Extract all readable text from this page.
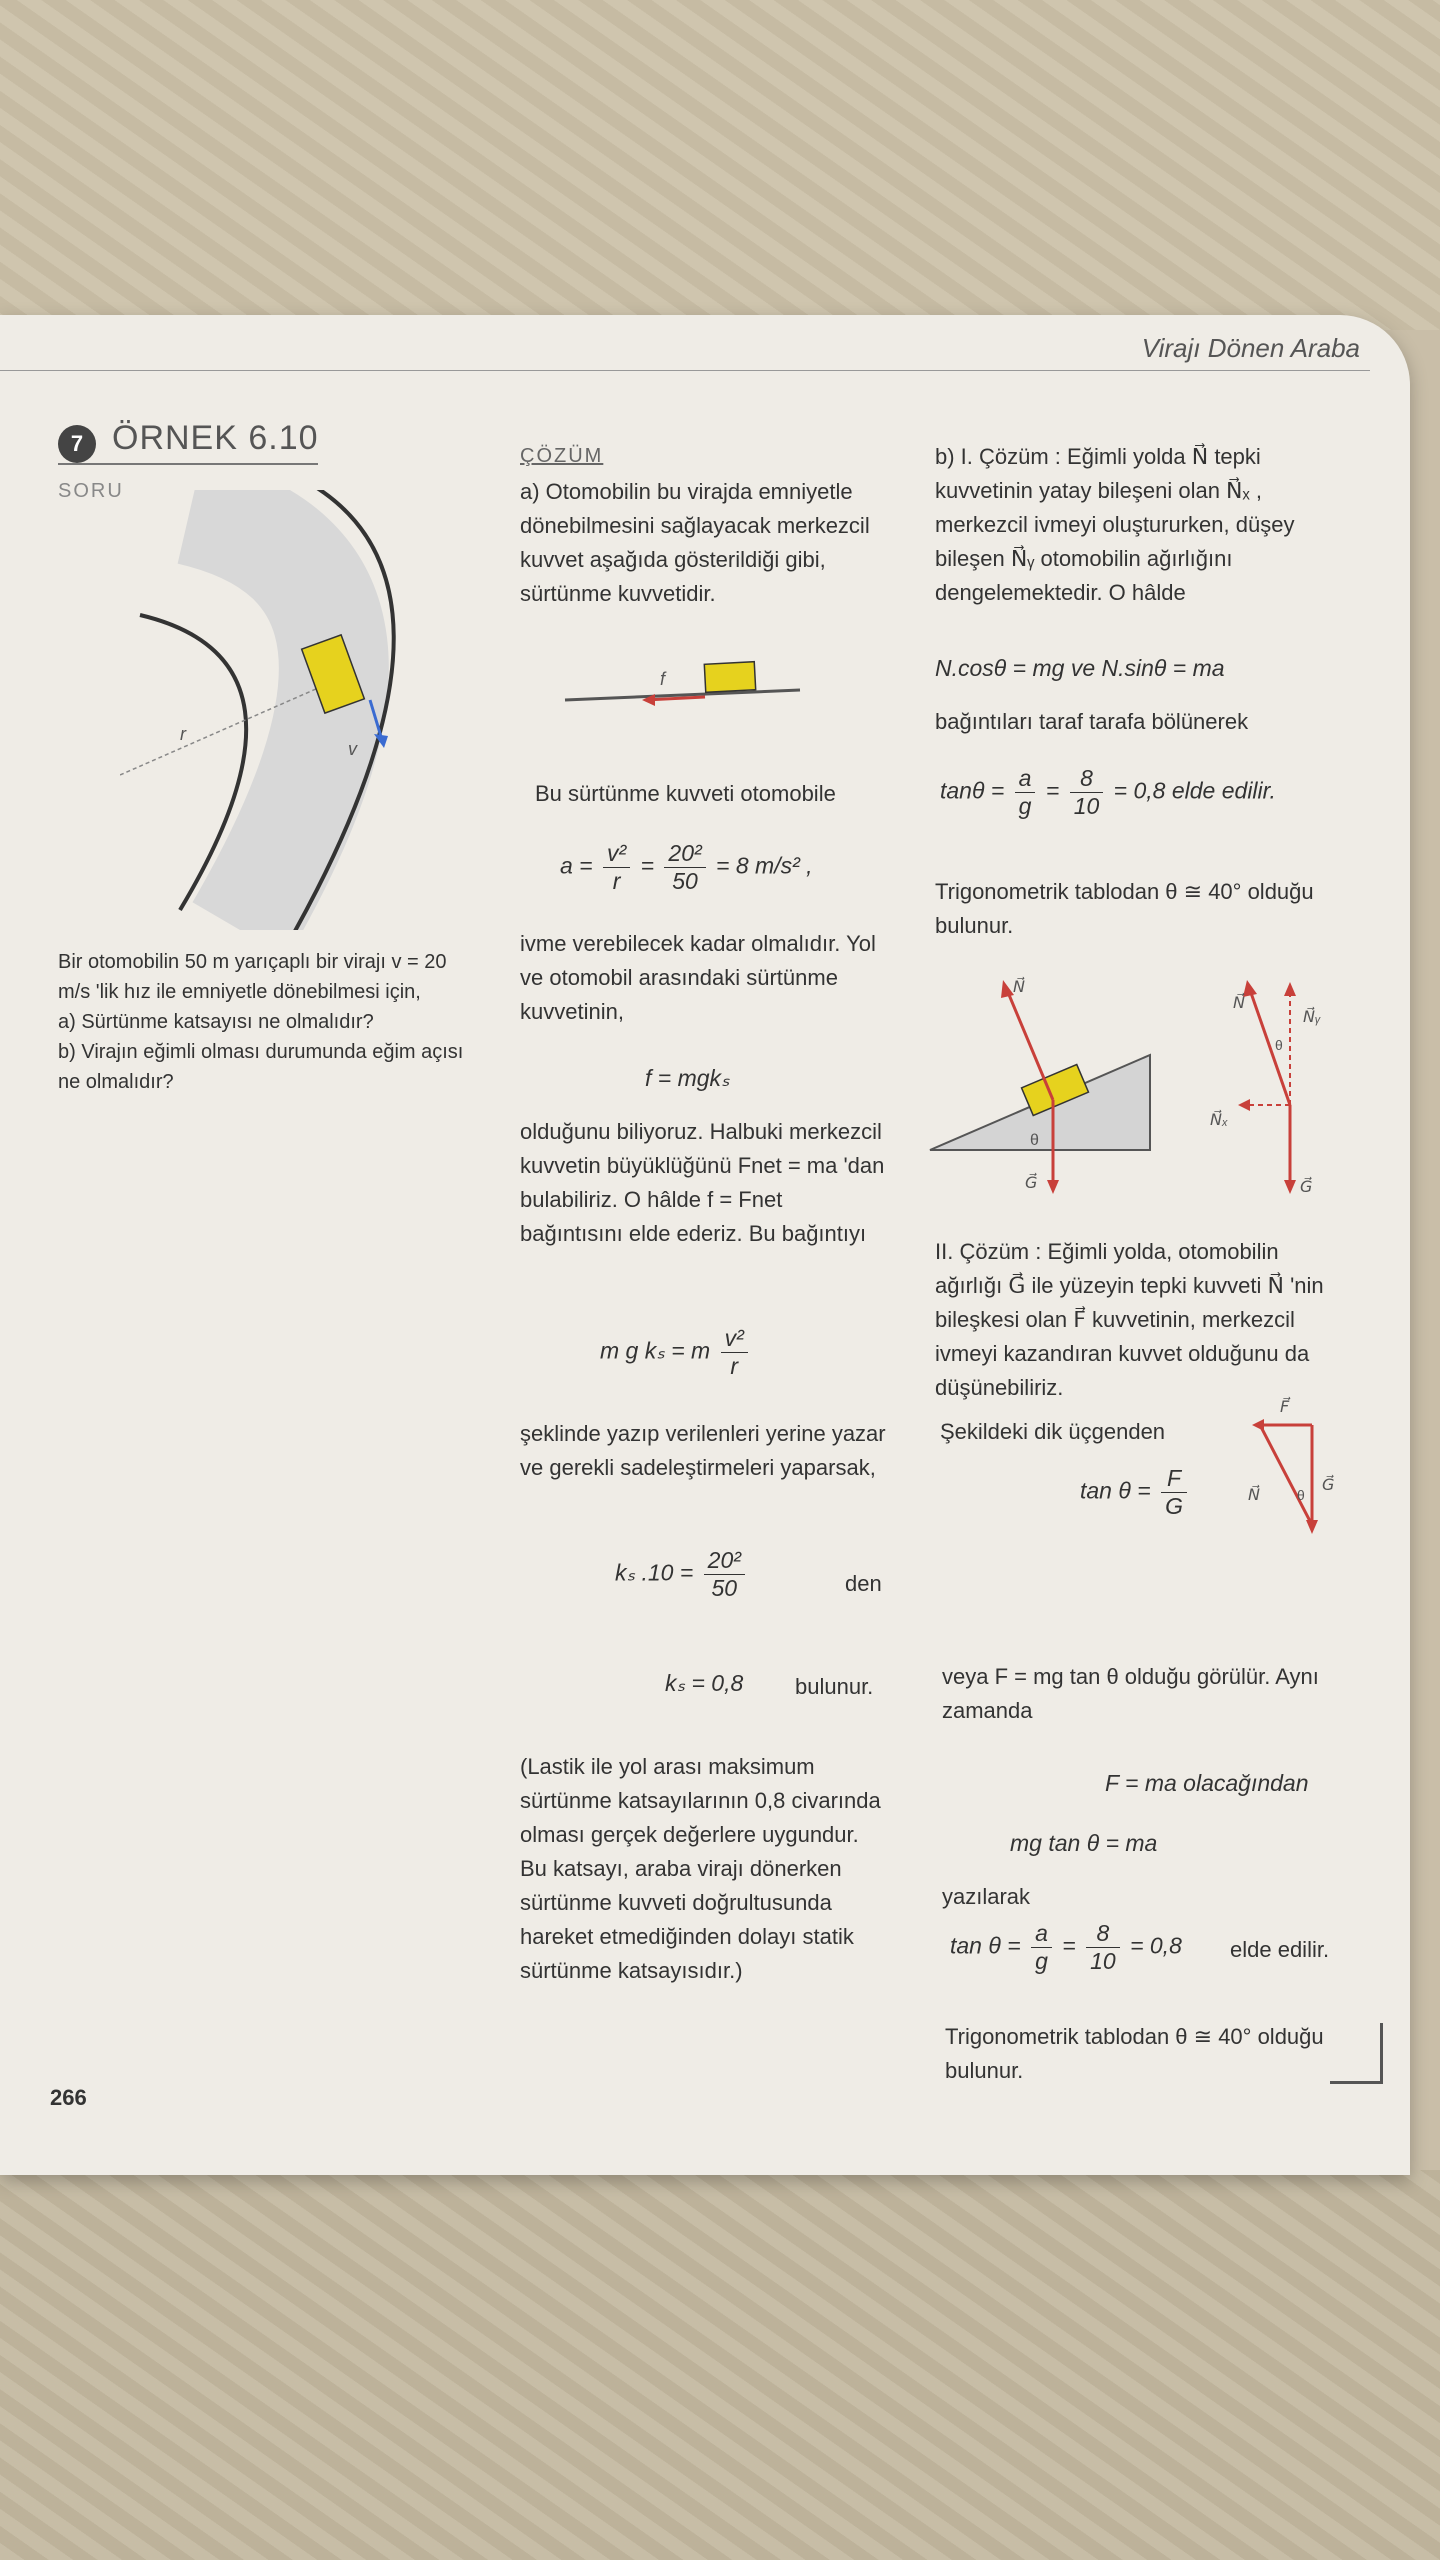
Virajı Dönen Araba
7 ÖRNEK 6.10
SORU
r
v
Bir otomobilin 50 m yarıçaplı bir virajı v = 20 m/s 'lik hız ile emniyetle dönebilmesi için,
a) Sürtünme katsayısı ne olmalıdır?
b) Virajın eğimli olması durumunda eğim açısı ne olmalıdır?
ÇÖZÜM
a) Otomobilin bu virajda emniyetle dönebilmesini sağlayacak merkezcil kuvvet aşağıda gösterildiği gibi, sürtünme kuvvetidir.
f
Bu sürtünme kuvveti otomobile
$a = \frac{\text{v²}}{r} = \frac{\text{20²}}{50} = 8$ m/s² ,
ivme verebilecek kadar olmalıdır. Yol ve otomobil arasındaki sürtünme kuvvetinin,
f = mgkₛ
olduğunu biliyoruz. Halbuki merkezcil kuvvetin büyüklüğünü Fnet = ma 'dan bulabiliriz. O hâlde f = Fnet bağıntısını elde ederiz. Bu bağıntıyı
m g kₛ = m $\frac{\text{v²}}{r}$
şeklinde yazıp verilenleri yerine yazar ve gerekli sadeleştirmeleri yaparsak,
kₛ $.10 = \frac{\text{20²}}{50}$	den
kₛ = 0,8 bulunur.
(Lastik ile yol arası maksimum sürtünme katsayılarının 0,8 civarında olması gerçek değerlere uygundur. Bu katsayı, araba virajı dönerken sürtünme kuvveti doğrultusunda hareket etmediğinden dolayı statik sürtünme katsayısıdır.)
b) I. Çözüm : Eğimli yolda N⃗ tepki kuvvetinin yatay bileşeni olan N⃗ₓ , merkezcil ivmeyi oluştururken, düşey bileşen N⃗ᵧ otomobilin ağırlığını dengelemektedir. O hâlde
N.cosθ = mg ve N.sinθ = ma
bağıntıları taraf tarafa bölünerek
$\tan\theta = \frac{a}{g} = \frac{8}{10} = 0,8$ elde edilir.
Trigonometrik tablodan θ ≅ 40° olduğu bulunur.
N⃗
G⃗
θ
N⃗
N⃗ᵧ
θ
N⃗ₓ
G⃗
II. Çözüm : Eğimli yolda, otomobilin ağırlığı G⃗ ile yüzeyin tepki kuvveti N⃗ 'nin bileşkesi olan F⃗ kuvvetinin, merkezcil ivmeyi kazandıran kuvvet olduğunu da düşünebiliriz.
Şekildeki dik üçgenden
F⃗
N⃗	θ
G⃗
$\tan \theta = \frac{F}{G}$
veya F = mg tan θ olduğu görülür. Aynı zamanda
F = ma olacağından
mg tan θ = ma
yazılarak
$\tan \theta = \frac{a}{g} = \frac{8}{10} = 0,8$ elde edilir.
Trigonometrik tablodan θ ≅ 40° olduğu bulunur.
266
